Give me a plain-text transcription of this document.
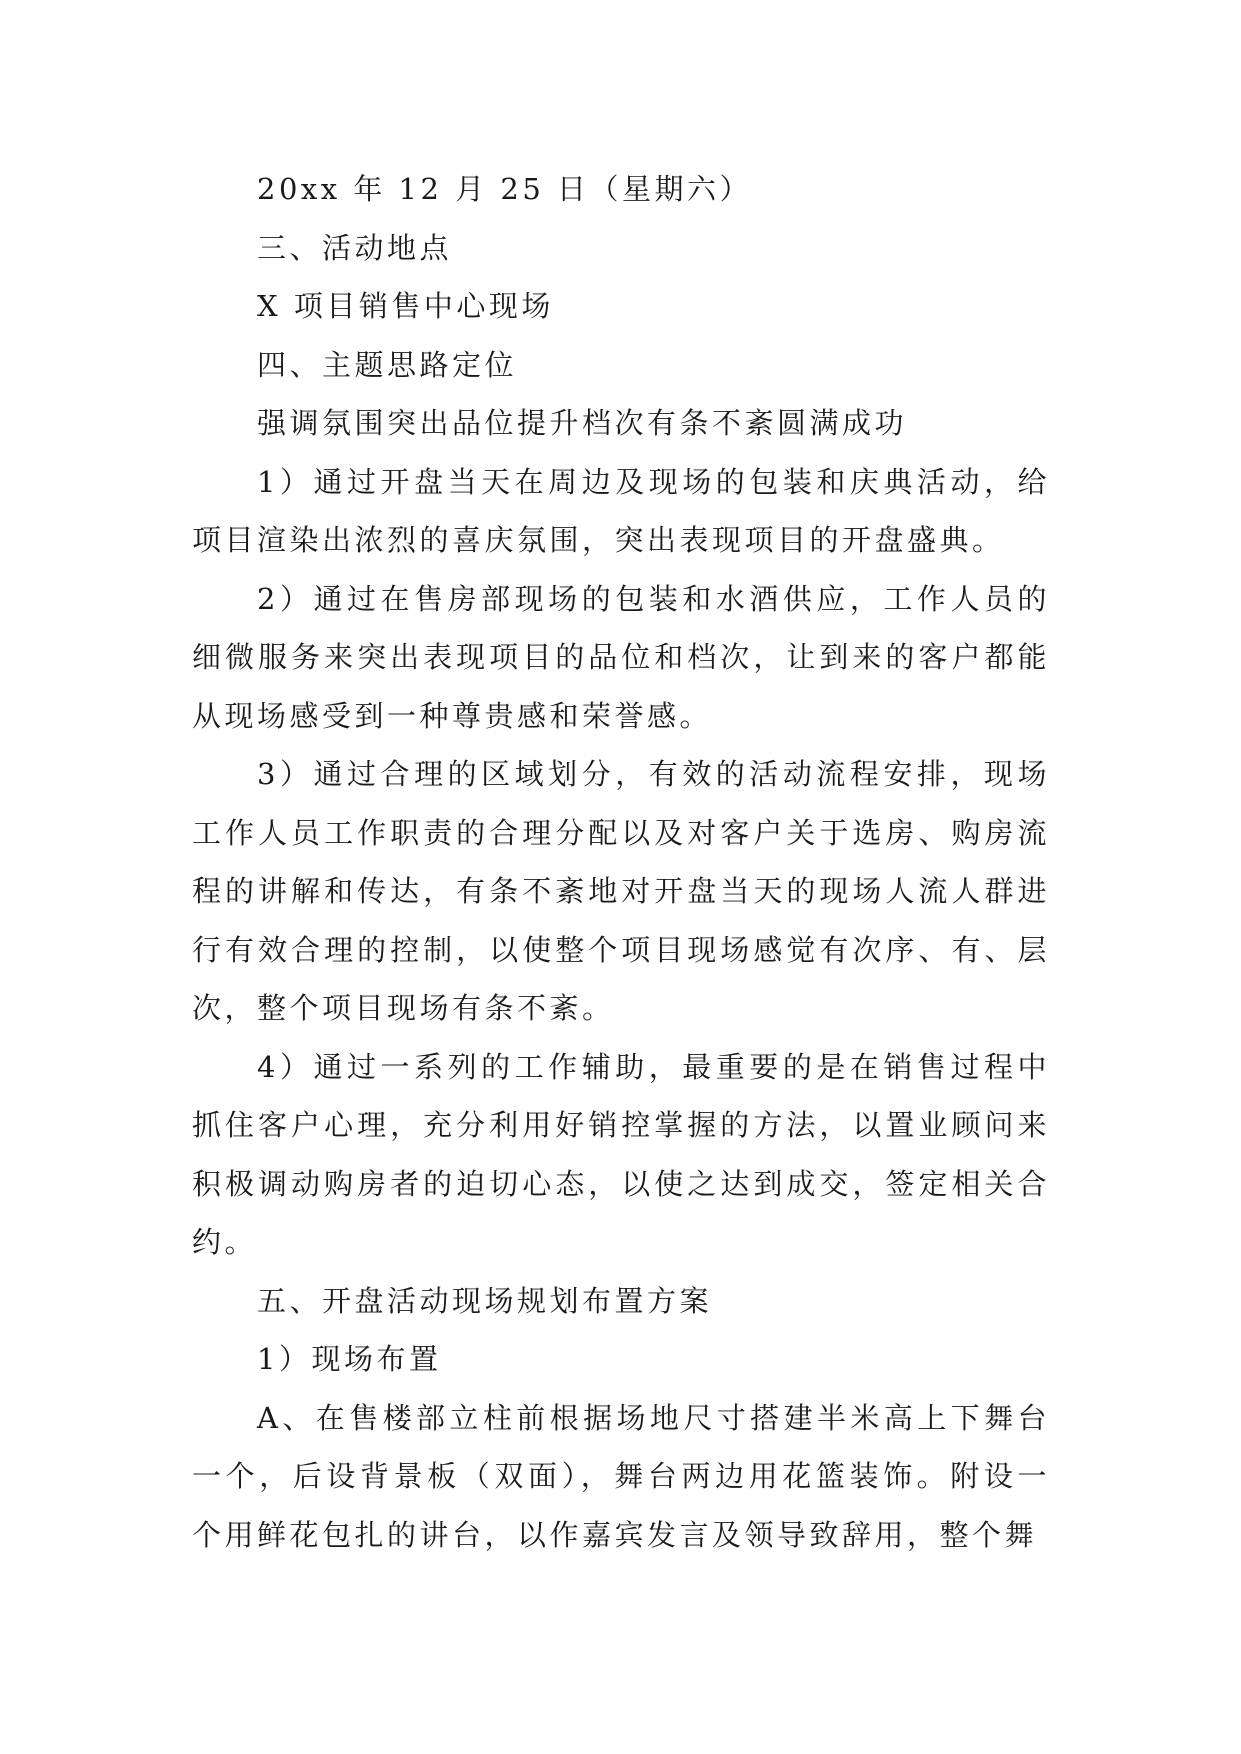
20xx 年 12 月 25 日（星期六）

三、活动地点

X 项目销售中心现场

四、主题思路定位

强调氛围突出品位提升档次有条不紊圆满成功

1）通过开盘当天在周边及现场的包装和庆典活动，给项目渲染出浓烈的喜庆氛围，突出表现项目的开盘盛典。

2）通过在售房部现场的包装和水酒供应，工作人员的细微服务来突出表现项目的品位和档次，让到来的客户都能从现场感受到一种尊贵感和荣誉感。

3）通过合理的区域划分，有效的活动流程安排，现场工作人员工作职责的合理分配以及对客户关于选房、购房流程的讲解和传达，有条不紊地对开盘当天的现场人流人群进行有效合理的控制，以使整个项目现场感觉有次序、有、层次，整个项目现场有条不紊。

4）通过一系列的工作辅助，最重要的是在销售过程中抓住客户心理，充分利用好销控掌握的方法，以置业顾问来积极调动购房者的迫切心态，以使之达到成交，签定相关合约。

五、开盘活动现场规划布置方案

1）现场布置

A、在售楼部立柱前根据场地尺寸搭建半米高上下舞台一个，后设背景板（双面），舞台两边用花篮装饰。附设一个用鲜花包扎的讲台，以作嘉宾发言及领导致辞用，整个舞
